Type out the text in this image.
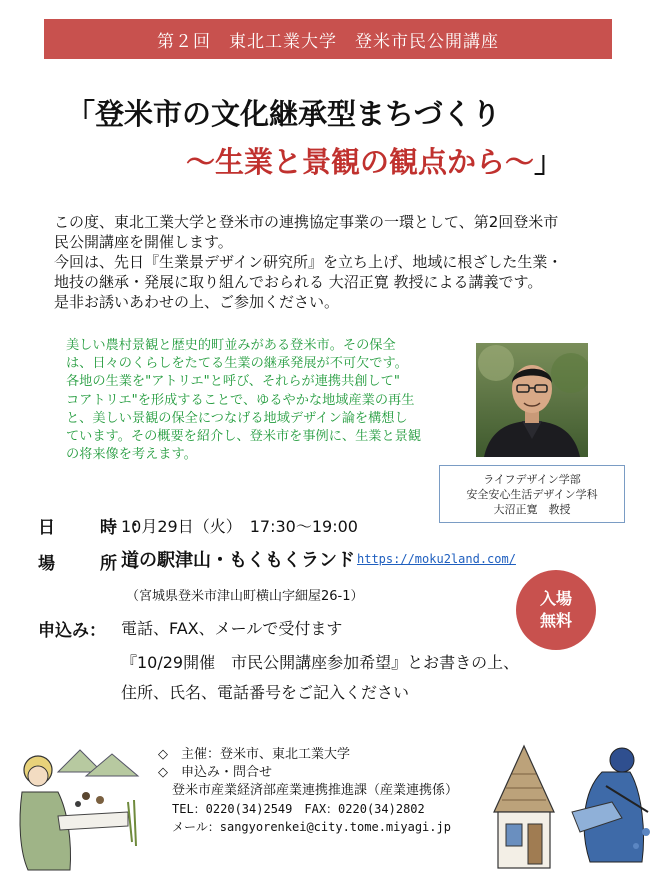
第２回　東北工業大学　登米市民公開講座
「登米市の文化継承型まちづくり
〜生業と景観の観点から〜」

この度、東北工業大学と登米市の連携協定事業の一環として、第2回登米市

民公開講座を開催します。

今回は、先日『生業景デザイン研究所』を立ち上げ、地域に根ざした生業・

地技の継承・発展に取り組んでおられる 大沼正寛 教授による講義です。

是非お誘いあわせの上、ご参加ください。

美しい農村景観と歴史的町並みがある登米市。その保全

は、日々のくらしをたてる生業の継承発展が不可欠です。

各地の生業を"アトリエ"と呼び、それらが連携共創して"

コアトリエ"を形成することで、ゆるやかな地域産業の再生

と、美しい景観の保全につなげる地域デザイン論を構想し

ています。その概要を紹介し、登米市を事例に、生業と景観

の将来像を考えます。

ライフデザイン学部
安全安心生活デザイン学科
大沼正寛　教授
日　時：
10月29日（火）　17:30〜19:00
場　所：
道の駅津山・もくもくランド https://moku2land.com/
（宮城県登米市津山町横山字細屋26-1）
申込み： 電話、FAX、メールで受付ます
『10/29開催　市民公開講座参加希望』とお書きの上、
住所、氏名、電話番号をご記入ください
入場
無料

◇　主催：登米市、東北工業大学

◇　申込み・問合せ

登米市産業経済部産業連携推進課（産業連携係）

TEL：0220(34)2549　FAX：0220(34)2802

メール：sangyorenkei@city.tome.miyagi.jp
